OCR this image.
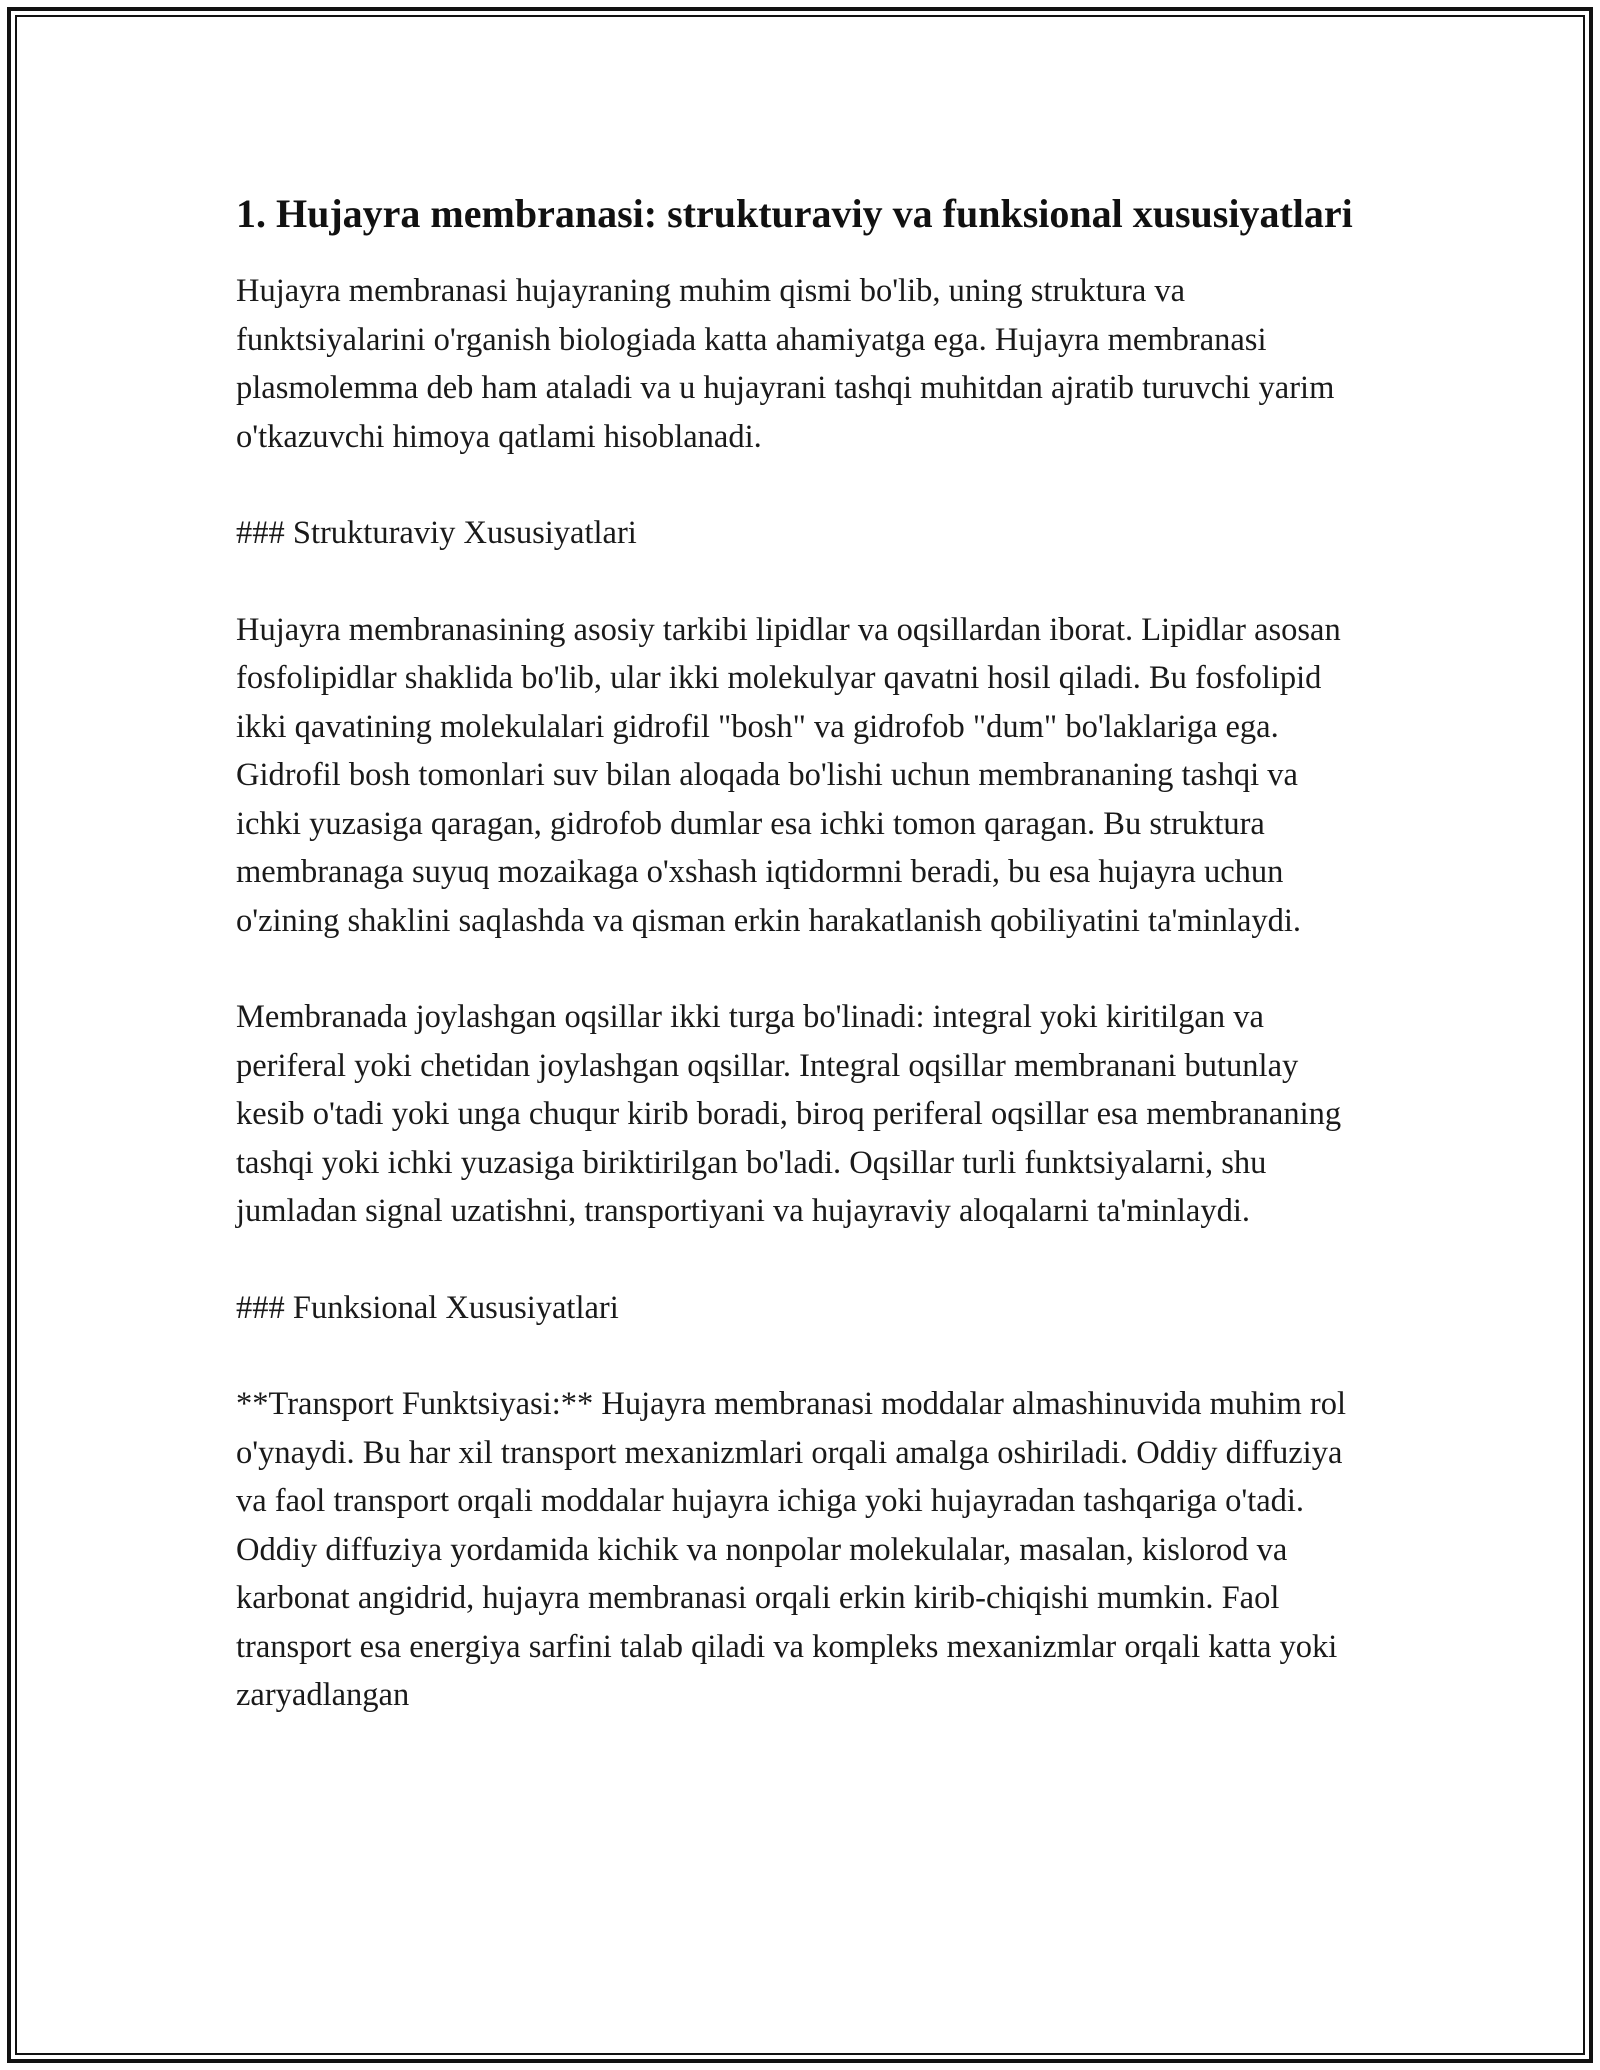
1. Hujayra membranasi: strukturaviy va funksional xususiyatlari

Hujayra membranasi hujayraning muhim qismi bo'lib, uning struktura va funktsiyalarini o'rganish biologiada katta ahamiyatga ega. Hujayra membranasi plasmolemma deb ham ataladi va u hujayrani tashqi muhitdan ajratib turuvchi yarim o'tkazuvchi himoya qatlami hisoblanadi.

### Strukturaviy Xususiyatlari

Hujayra membranasining asosiy tarkibi lipidlar va oqsillardan iborat. Lipidlar asosan fosfolipidlar shaklida bo'lib, ular ikki molekulyar qavatni hosil qiladi. Bu fosfolipid ikki qavatining molekulalari gidrofil "bosh" va gidrofob "dum" bo'laklariga ega. Gidrofil bosh tomonlari suv bilan aloqada bo'lishi uchun membrananing tashqi va ichki yuzasiga qaragan, gidrofob dumlar esa ichki tomon qaragan. Bu struktura membranaga suyuq mozaikaga o'xshash iqtidormni beradi, bu esa hujayra uchun o'zining shaklini saqlashda va qisman erkin harakatlanish qobiliyatini ta'minlaydi.

Membranada joylashgan oqsillar ikki turga bo'linadi: integral yoki kiritilgan va periferal yoki chetidan joylashgan oqsillar. Integral oqsillar membranani butunlay kesib o'tadi yoki unga chuqur kirib boradi, biroq periferal oqsillar esa membrananing tashqi yoki ichki yuzasiga biriktirilgan bo'ladi. Oqsillar turli funktsiyalarni, shu jumladan signal uzatishni, transportiyani va hujayraviy aloqalarni ta'minlaydi.

### Funksional Xususiyatlari

**Transport Funktsiyasi:** Hujayra membranasi moddalar almashinuvida muhim rol o'ynaydi. Bu har xil transport mexanizmlari orqali amalga oshiriladi. Oddiy diffuziya va faol transport orqali moddalar hujayra ichiga yoki hujayradan tashqariga o'tadi. Oddiy diffuziya yordamida kichik va nonpolar molekulalar, masalan, kislorod va karbonat angidrid, hujayra membranasi orqali erkin kirib-chiqishi mumkin. Faol transport esa energiya sarfini talab qiladi va kompleks mexanizmlar orqali katta yoki zaryadlangan
